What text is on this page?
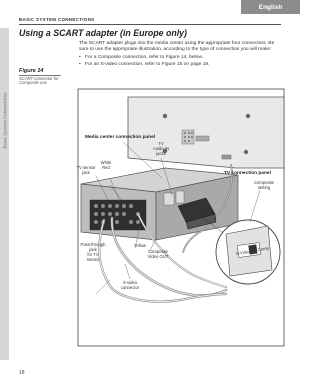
English
Basic System Connections
BASIC SYSTEM CONNECTIONS
Using a SCART adapter (in Europe only)
The SCART adapter plugs into the media center using the appropriate four connectors. Be sure to use the appropriate illustration, according to the type of connection you will make:
• For a Composite connection, refer to Figure 14, below.
• For an S-video connection, refer to Figure 15 on page 19.
Figure 14
SCART connector for Composite use
S-Video
Comp
Media center connection panel
TV
Audio IN
jacks
White
Red
TV sensor
jack	TV connection panel
Composite
setting
Pass-through
jack
for TV
sensor
Yellow
Composite
Video OUT
S-video
connector
18
